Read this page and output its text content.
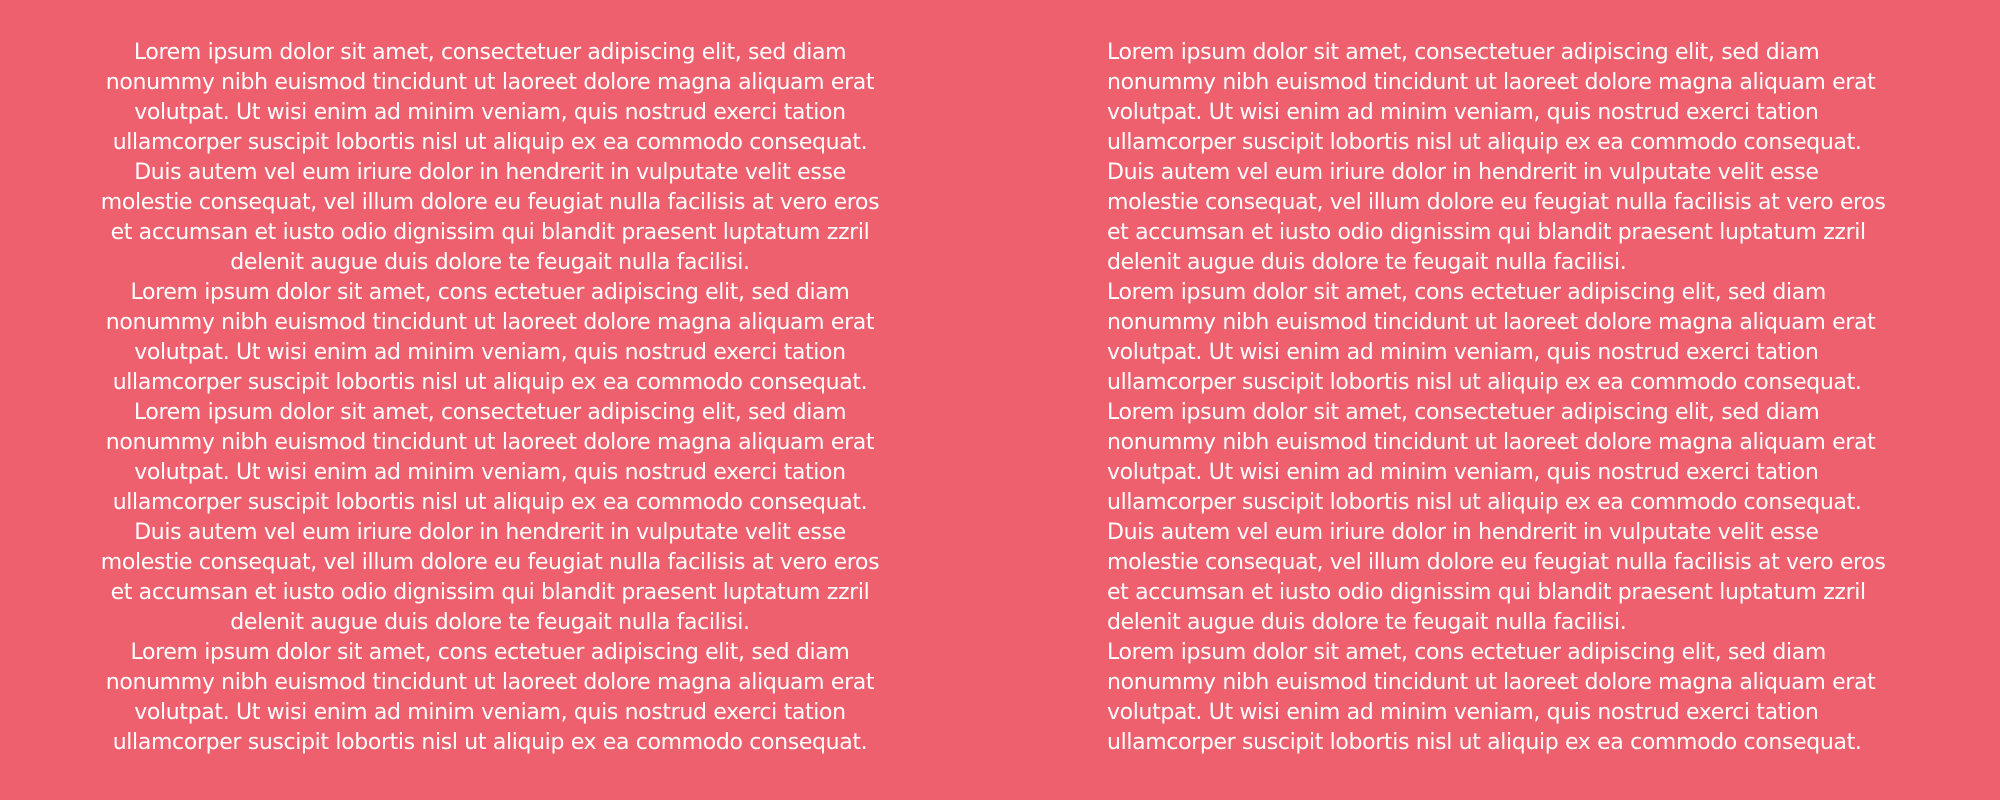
Lorem ipsum dolor sit amet, consectetuer adipiscing elit, sed diam
nonummy nibh euismod tincidunt ut laoreet dolore magna aliquam erat
volutpat. Ut wisi enim ad minim veniam, quis nostrud exerci tation
ullamcorper suscipit lobortis nisl ut aliquip ex ea commodo consequat.

Duis autem vel eum iriure dolor in hendrerit in vulputate velit esse
molestie consequat, vel illum dolore eu feugiat nulla facilisis at vero eros
et accumsan et iusto odio dignissim qui blandit praesent luptatum zzril
delenit augue duis dolore te feugait nulla facilisi.

Lorem ipsum dolor sit amet, cons ectetuer adipiscing elit, sed diam
nonummy nibh euismod tincidunt ut laoreet dolore magna aliquam erat
volutpat. Ut wisi enim ad minim veniam, quis nostrud exerci tation
ullamcorper suscipit lobortis nisl ut aliquip ex ea commodo consequat.

Lorem ipsum dolor sit amet, consectetuer adipiscing elit, sed diam
nonummy nibh euismod tincidunt ut laoreet dolore magna aliquam erat
volutpat. Ut wisi enim ad minim veniam, quis nostrud exerci tation
ullamcorper suscipit lobortis nisl ut aliquip ex ea commodo consequat.

Duis autem vel eum iriure dolor in hendrerit in vulputate velit esse
molestie consequat, vel illum dolore eu feugiat nulla facilisis at vero eros
et accumsan et iusto odio dignissim qui blandit praesent luptatum zzril
delenit augue duis dolore te feugait nulla facilisi.

Lorem ipsum dolor sit amet, cons ectetuer adipiscing elit, sed diam
nonummy nibh euismod tincidunt ut laoreet dolore magna aliquam erat
volutpat. Ut wisi enim ad minim veniam, quis nostrud exerci tation
ullamcorper suscipit lobortis nisl ut aliquip ex ea commodo consequat.

Lorem ipsum dolor sit amet, consectetuer adipiscing elit, sed diam
nonummy nibh euismod tincidunt ut laoreet dolore magna aliquam erat
volutpat. Ut wisi enim ad minim veniam, quis nostrud exerci tation
ullamcorper suscipit lobortis nisl ut aliquip ex ea commodo consequat.

Duis autem vel eum iriure dolor in hendrerit in vulputate velit esse
molestie consequat, vel illum dolore eu feugiat nulla facilisis at vero eros
et accumsan et iusto odio dignissim qui blandit praesent luptatum zzril
delenit augue duis dolore te feugait nulla facilisi.

Lorem ipsum dolor sit amet, cons ectetuer adipiscing elit, sed diam
nonummy nibh euismod tincidunt ut laoreet dolore magna aliquam erat
volutpat. Ut wisi enim ad minim veniam, quis nostrud exerci tation
ullamcorper suscipit lobortis nisl ut aliquip ex ea commodo consequat.

Lorem ipsum dolor sit amet, consectetuer adipiscing elit, sed diam
nonummy nibh euismod tincidunt ut laoreet dolore magna aliquam erat
volutpat. Ut wisi enim ad minim veniam, quis nostrud exerci tation
ullamcorper suscipit lobortis nisl ut aliquip ex ea commodo consequat.

Duis autem vel eum iriure dolor in hendrerit in vulputate velit esse
molestie consequat, vel illum dolore eu feugiat nulla facilisis at vero eros
et accumsan et iusto odio dignissim qui blandit praesent luptatum zzril
delenit augue duis dolore te feugait nulla facilisi.

Lorem ipsum dolor sit amet, cons ectetuer adipiscing elit, sed diam
nonummy nibh euismod tincidunt ut laoreet dolore magna aliquam erat
volutpat. Ut wisi enim ad minim veniam, quis nostrud exerci tation
ullamcorper suscipit lobortis nisl ut aliquip ex ea commodo consequat.
